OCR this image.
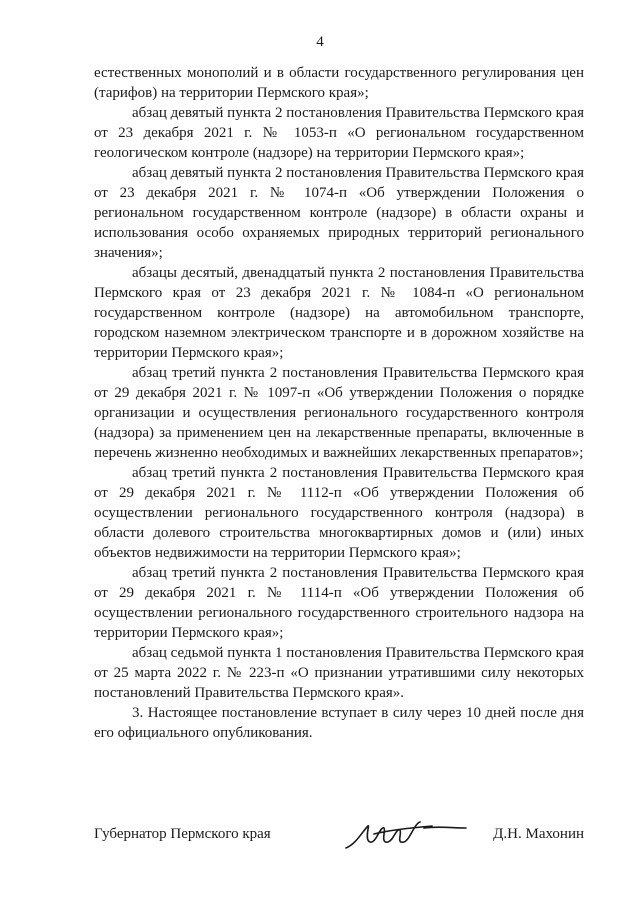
4

естественных монополий и в области государственного регулирования цен (тарифов) на территории Пермского края»;

абзац девятый пункта 2 постановления Правительства Пермского края от 23 декабря 2021 г. № 1053-п «О региональном государственном геологическом контроле (надзоре) на территории Пермского края»;

абзац девятый пункта 2 постановления Правительства Пермского края от 23 декабря 2021 г. № 1074-п «Об утверждении Положения о региональном государственном контроле (надзоре) в области охраны и использования особо охраняемых природных территорий регионального значения»;

абзацы десятый, двенадцатый пункта 2 постановления Правительства Пермского края от 23 декабря 2021 г. № 1084-п «О региональном государственном контроле (надзоре) на автомобильном транспорте, городском наземном электрическом транспорте и в дорожном хозяйстве на территории Пермского края»;

абзац третий пункта 2 постановления Правительства Пермского края от 29 декабря 2021 г. № 1097-п «Об утверждении Положения о порядке организации и осуществления регионального государственного контроля (надзора) за применением цен на лекарственные препараты, включенные в перечень жизненно необходимых и важнейших лекарственных препаратов»;

абзац третий пункта 2 постановления Правительства Пермского края от 29 декабря 2021 г. № 1112-п «Об утверждении Положения об осуществлении регионального государственного контроля (надзора) в области долевого строительства многоквартирных домов и (или) иных объектов недвижимости на территории Пермского края»;

абзац третий пункта 2 постановления Правительства Пермского края от 29 декабря 2021 г. № 1114-п «Об утверждении Положения об осуществлении регионального государственного строительного надзора на территории Пермского края»;

абзац седьмой пункта 1 постановления Правительства Пермского края от 25 марта 2022 г. № 223-п «О признании утратившими силу некоторых постановлений Правительства Пермского края».

3. Настоящее постановление вступает в силу через 10 дней после дня его официального опубликования.

Губернатор Пермского края	Д.Н. Махонин
